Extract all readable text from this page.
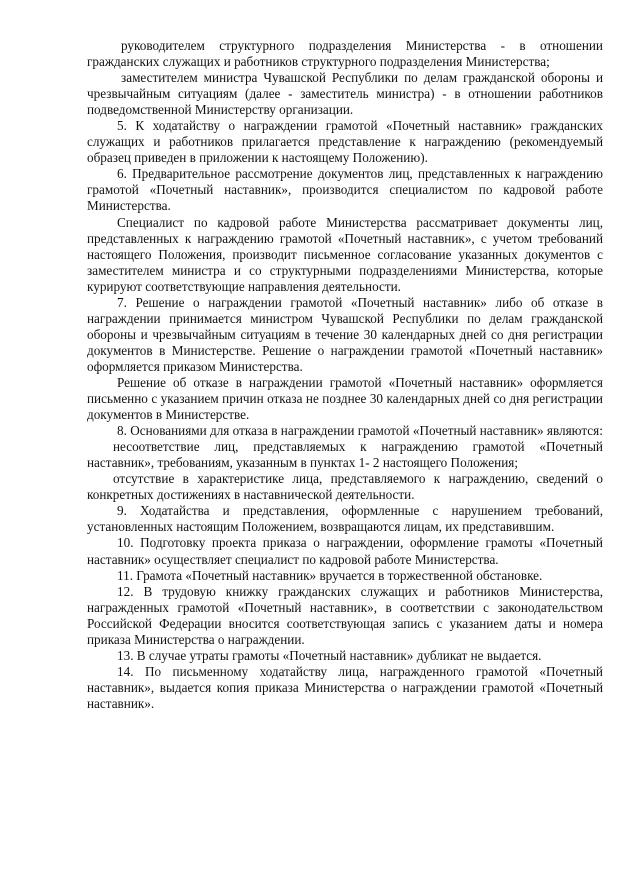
руководителем структурного подразделения Министерства - в отношении гражданских служащих и работников структурного подразделения Министерства;

заместителем министра Чувашской Республики по делам гражданской обороны и чрезвычайным ситуациям (далее - заместитель министра) - в отношении работников подведомственной Министерству организации.

5. К ходатайству о награждении грамотой «Почетный наставник» гражданских служащих и работников прилагается представление к награждению (рекомендуемый образец приведен в приложении к настоящему Положению).

6. Предварительное рассмотрение документов лиц, представленных к награждению грамотой «Почетный наставник», производится специалистом по кадровой работе Министерства.

Специалист по кадровой работе Министерства рассматривает документы лиц, представленных к награждению грамотой «Почетный наставник», с учетом требований настоящего Положения, производит письменное согласование указанных документов с заместителем министра и со структурными подразделениями Министерства, которые курируют соответствующие направления деятельности.

7. Решение о награждении грамотой «Почетный наставник» либо об отказе в награждении принимается министром Чувашской Республики по делам гражданской обороны и чрезвычайным ситуациям в течение 30 календарных дней со дня регистрации документов в Министерстве. Решение о награждении грамотой «Почетный наставник» оформляется приказом Министерства.

Решение об отказе в награждении грамотой «Почетный наставник» оформляется письменно с указанием причин отказа не позднее 30 календарных дней со дня регистрации документов в Министерстве.

8. Основаниями для отказа в награждении грамотой «Почетный наставник» являются:

несоответствие лиц, представляемых к награждению грамотой «Почетный наставник», требованиям, указанным в пунктах 1- 2 настоящего Положения;

отсутствие в характеристике лица, представляемого к награждению, сведений о конкретных достижениях в наставнической деятельности.

9. Ходатайства и представления, оформленные с нарушением требований, установленных настоящим Положением, возвращаются лицам, их представившим.

10. Подготовку проекта приказа о награждении, оформление грамоты «Почетный наставник» осуществляет специалист по кадровой работе Министерства.

11. Грамота «Почетный наставник» вручается в торжественной обстановке.

12. В трудовую книжку гражданских служащих и работников Министерства, награжденных грамотой «Почетный наставник», в соответствии с законодательством Российской Федерации вносится соответствующая запись с указанием даты и номера приказа Министерства о награждении.

13. В случае утраты грамоты «Почетный наставник» дубликат не выдается.

14. По письменному ходатайству лица, награжденного грамотой «Почетный наставник», выдается копия приказа Министерства о награждении грамотой «Почетный наставник».
